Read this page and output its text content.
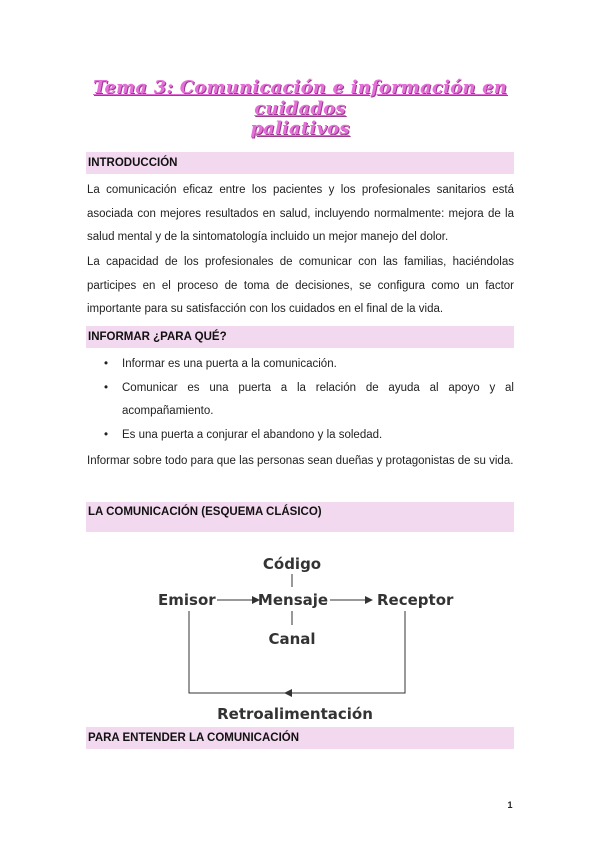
Tema 3: Comunicación e información en cuidados
paliativos
INTRODUCCIÓN

La comunicación eficaz entre los pacientes y los profesionales sanitarios está asociada con mejores resultados en salud, incluyendo normalmente: mejora de la salud mental y de la sintomatología incluido un mejor manejo del dolor.

La capacidad de los profesionales de comunicar con las familias, haciéndolas participes en el proceso de toma de decisiones, se configura como un factor importante para su satisfacción con los cuidados en el final de la vida.

INFORMAR ¿PARA QUÉ?
• Informar es una puerta a la comunicación.
• Comunicar es una puerta a la relación de ayuda al apoyo y al acompañamiento.
• Es una puerta a conjurar el abandono y la soledad.

Informar sobre todo para que las personas sean dueñas y protagonistas de su vida.

LA COMUNICACIÓN (ESQUEMA CLÁSICO)
Código
Emisor	Mensaje	Receptor
Canal
Retroalimentación
PARA ENTENDER LA COMUNICACIÓN
1
